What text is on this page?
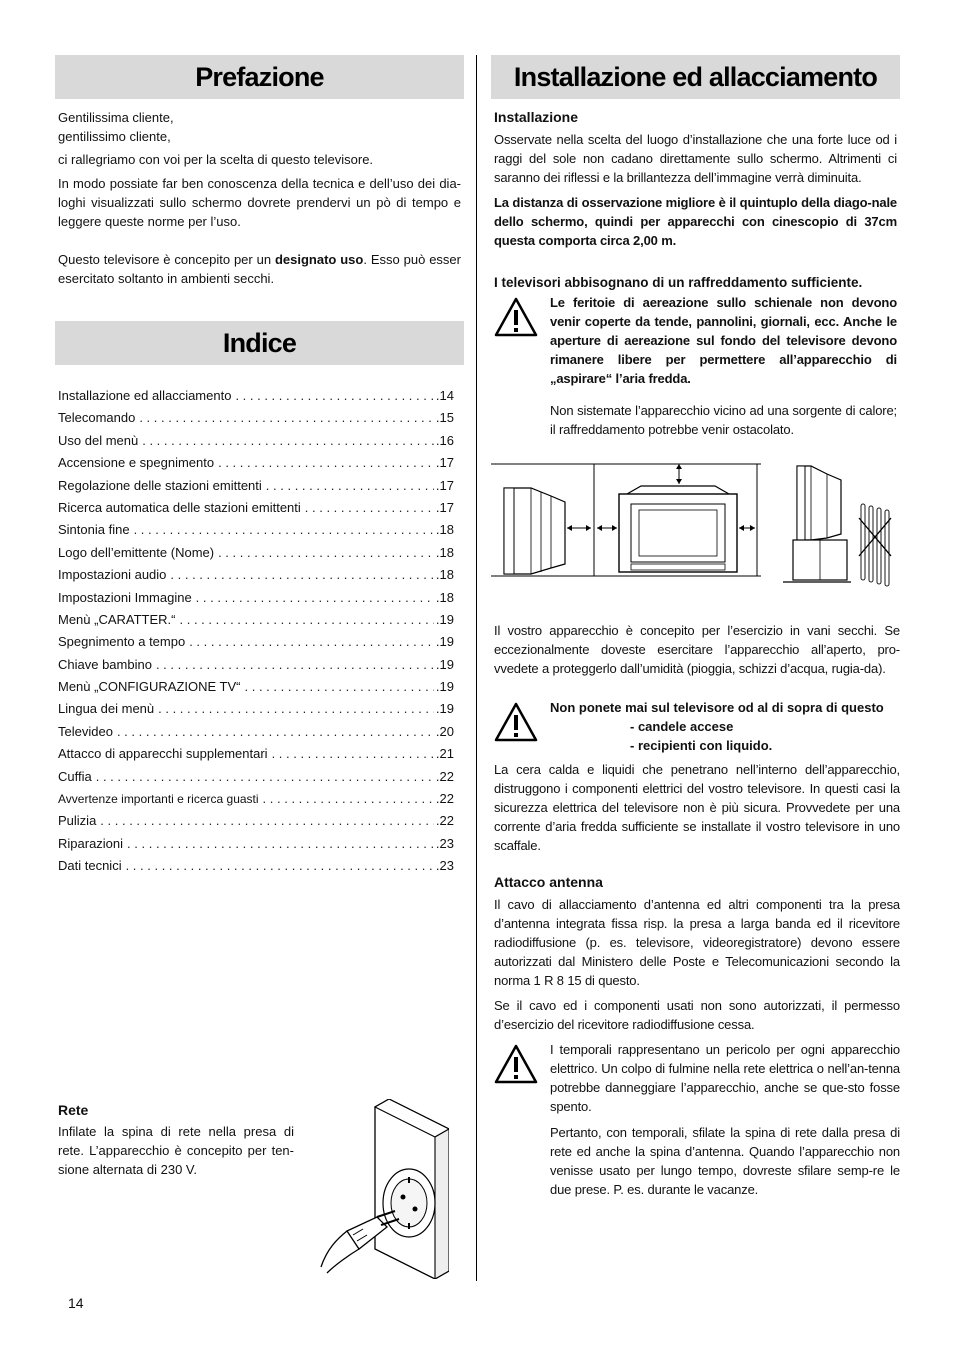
Prefazione

Gentilissima cliente,

gentilissimo cliente,

ci rallegriamo con voi per la scelta di questo televisore.

In modo possiate far ben conoscenza della tecnica e dell’uso dei dia-loghi visualizzati sullo schermo dovrete prendervi un pò di tempo e leggere queste norme per l’uso.

Questo televisore è concepito per un designato uso. Esso può esser esercitato soltanto in ambienti secchi.

Indice
Installazione ed allacciamento . . .	.14
Telecomando . . .	.15
Uso del menù . . .	.16
Accensione e spegnimento . . .	.17
Regolazione delle stazioni emittenti . . .	.17
Ricerca automatica delle stazioni emittenti . . .	.17
Sintonia fine . . .	.18
Logo dell’emittente (Nome) . . .	.18
Impostazioni audio . . .	.18
Impostazioni Immagine . . .	.18
Menù „CARATTER.“ . . .	.19
Spegnimento a tempo . . .	.19
Chiave bambino . . .	.19
Menù „CONFIGURAZIONE TV“ . . .	.19
Lingua dei menù . . .	.19
Televideo . . .	.20
Attacco di apparecchi supplementari . . .	.21
Cuffia . . .	.22
Avvertenze importanti e ricerca guasti . . .	.22
Pulizia . . .	.22
Riparazioni . . .	.23
Dati tecnici . . .	.23
Rete

Infilate la spina di rete nella presa di rete. L’apparecchio è concepito per ten-sione alternata di 230 V.

Installazione ed allacciamento
Installazione

Osservate nella scelta del luogo d’installazione che una forte luce od i raggi del sole non cadano direttamente sullo schermo. Altrimenti ci saranno dei riflessi e la brillantezza dell’immagine verrà diminuita.

La distanza di osservazione migliore è il quintuplo della diago-nale dello schermo, quindi per apparecchi con cinescopio di 37cm questa comporta circa 2,00 m.

I televisori abbisognano di un raffreddamento sufficiente.

Le feritoie di aereazione sullo schienale non devono venir coperte da tende, pannolini, giornali, ecc. Anche le aperture di aereazione sul fondo del televisore devono rimanere libere per permettere all’apparecchio di „aspirare“ l’aria fredda.

Non sistemate l’apparecchio vicino ad una sorgente di calore; il raffreddamento potrebbe venir ostacolato.

Il vostro apparecchio è concepito per l’esercizio in vani secchi. Se eccezionalmente doveste esercitare l’apparecchio all’aperto, pro-vvedete a proteggerlo dall’umidità (pioggia, schizzi d’acqua, rugia-da).

Non ponete mai sul televisore od al di sopra di questo

- candele accese

- recipienti con liquido.

La cera calda e liquidi che penetrano nell’interno dell’apparecchio, distruggono i componenti elettrici del vostro televisore. In questi casi la sicurezza elettrica del televisore non è più sicura. Provvedete per una corrente d’aria fredda sufficiente se installate il vostro televisore in uno scaffale.

Attacco antenna

Il cavo di allacciamento d’antenna ed altri componenti tra la presa d’antenna integrata fissa risp. la presa a larga banda ed il ricevitore radiodiffusione (p. es. televisore, videoregistratore) devono essere autorizzati dal Ministero delle Poste e Telecomunicazioni secondo la norma 1 R 8 15 di questo.

Se il cavo ed i componenti usati non sono autorizzati, il permesso d’esercizio del ricevitore radiodiffusione cessa.

I temporali rappresentano un pericolo per ogni apparecchio elettrico. Un colpo di fulmine nella rete elettrica o nell’an-tenna potrebbe danneggiare l’apparecchio, anche se que-sto fosse spento.

Pertanto, con temporali, sfilate la spina di rete dalla presa di rete ed anche la spina d’antenna. Quando l’apparecchio non venisse usato per lungo tempo, dovreste sfilare semp-re le due prese. P. es. durante le vacanze.

14
